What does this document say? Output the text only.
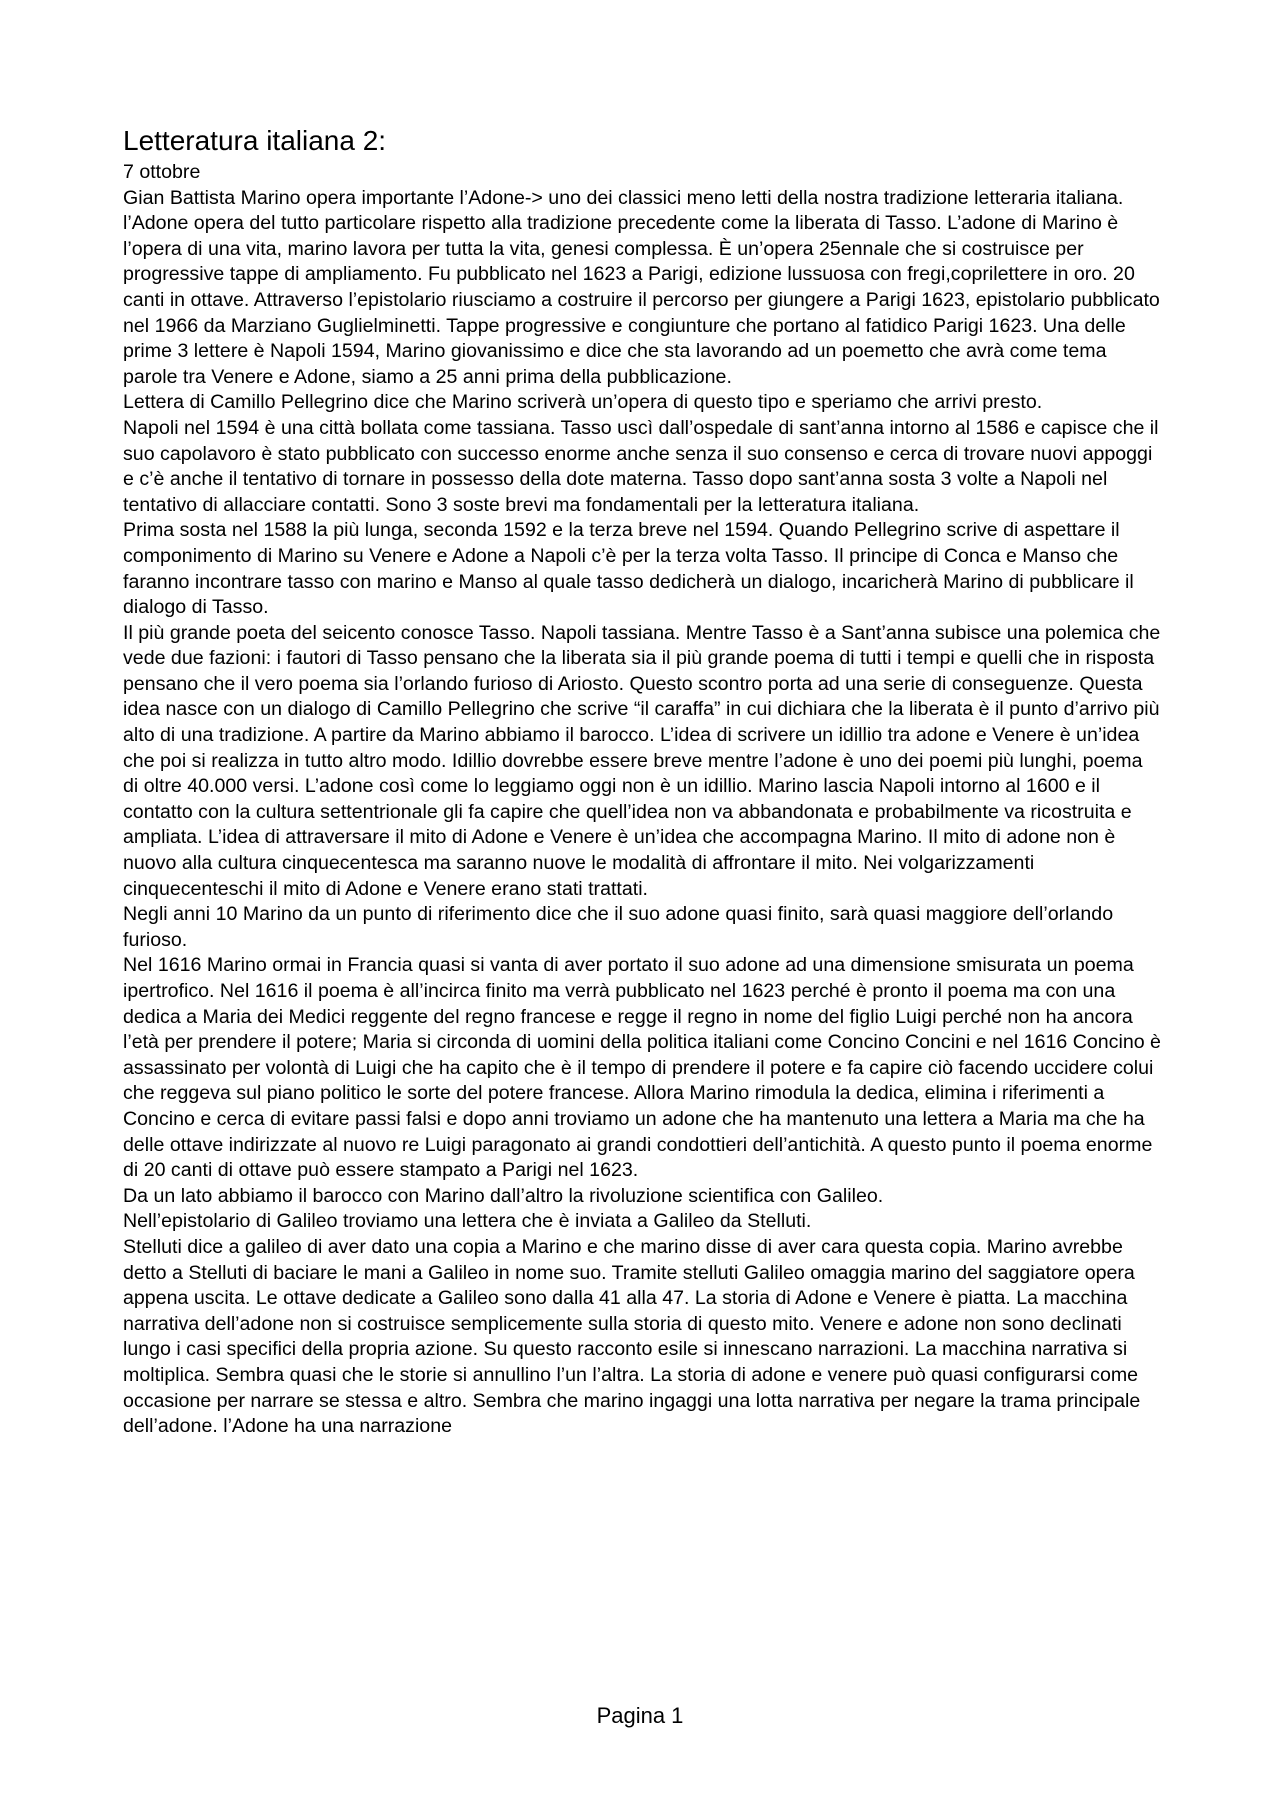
Letteratura italiana 2:

7 ottobre

Gian Battista Marino opera importante l’Adone-> uno dei classici meno letti della nostra tradizione letteraria italiana. l’Adone opera del tutto particolare rispetto alla tradizione precedente come la liberata di Tasso. L’adone di Marino è l’opera di una vita, marino lavora per tutta la vita, genesi complessa. È un’opera 25ennale che si costruisce per progressive tappe di ampliamento. Fu pubblicato nel 1623 a Parigi, edizione lussuosa con fregi,coprilettere in oro. 20 canti in ottave. Attraverso l’epistolario riusciamo a costruire il percorso per giungere a Parigi 1623, epistolario pubblicato nel 1966 da Marziano Guglielminetti. Tappe progressive e congiunture che portano al fatidico Parigi 1623. Una delle prime 3 lettere è Napoli 1594, Marino giovanissimo e dice che sta lavorando ad un poemetto che avrà come tema parole tra Venere e Adone, siamo a 25 anni prima della pubblicazione.

Lettera di Camillo Pellegrino dice che Marino scriverà un’opera di questo tipo e speriamo che arrivi presto.

Napoli nel 1594 è una città bollata come tassiana. Tasso uscì dall’ospedale di sant’anna intorno al 1586 e capisce che il suo capolavoro è stato pubblicato con successo enorme anche senza il suo consenso e cerca di trovare nuovi appoggi e c’è anche il tentativo di tornare in possesso della dote materna. Tasso dopo sant’anna sosta 3 volte a Napoli nel tentativo di allacciare contatti. Sono 3 soste brevi ma fondamentali per la letteratura italiana.

Prima sosta nel 1588 la più lunga, seconda 1592 e la terza breve nel 1594. Quando Pellegrino scrive di aspettare il componimento di Marino su Venere e Adone a Napoli c’è per la terza volta Tasso. Il principe di Conca e Manso che faranno incontrare tasso con marino e Manso al quale tasso dedicherà un dialogo, incaricherà Marino di pubblicare il dialogo di Tasso.

Il più grande poeta del seicento conosce Tasso. Napoli tassiana. Mentre Tasso è a Sant’anna subisce una polemica che vede due fazioni: i fautori di Tasso pensano che la liberata sia il più grande poema di tutti i tempi e quelli che in risposta pensano che il vero poema sia l’orlando furioso di Ariosto. Questo scontro porta ad una serie di conseguenze. Questa idea nasce con un dialogo di Camillo Pellegrino che scrive “il caraffa” in cui dichiara che la liberata è il punto d’arrivo più alto di una tradizione. A partire da Marino abbiamo il barocco. L’idea di scrivere un idillio tra adone e Venere è un’idea che poi si realizza in tutto altro modo. Idillio dovrebbe essere breve mentre l’adone è uno dei poemi più lunghi, poema di oltre 40.000 versi. L’adone così come lo leggiamo oggi non è un idillio. Marino lascia Napoli intorno al 1600 e il contatto con la cultura settentrionale gli fa capire che quell’idea non va abbandonata e probabilmente va ricostruita e ampliata. L’idea di attraversare il mito di Adone e Venere è un’idea che accompagna Marino. Il mito di adone non è nuovo alla cultura cinquecentesca ma saranno nuove le modalità di affrontare il mito. Nei volgarizzamenti cinquecenteschi il mito di Adone e Venere erano stati trattati.

Negli anni 10 Marino da un punto di riferimento dice che il suo adone quasi finito, sarà quasi maggiore dell’orlando furioso.

Nel 1616 Marino ormai in Francia quasi si vanta di aver portato il suo adone ad una dimensione smisurata un poema ipertrofico. Nel 1616 il poema è all’incirca finito ma verrà pubblicato nel 1623 perché è pronto il poema ma con una dedica a Maria dei Medici reggente del regno francese e regge il regno in nome del figlio Luigi perché non ha ancora l’età per prendere il potere; Maria si circonda di uomini della politica italiani come Concino Concini e nel 1616 Concino è assassinato per volontà di Luigi che ha capito che è il tempo di prendere il potere e fa capire ciò facendo uccidere colui che reggeva sul piano politico le sorte del potere francese. Allora Marino rimodula la dedica, elimina i riferimenti a Concino e cerca di evitare passi falsi e dopo anni troviamo un adone che ha mantenuto una lettera a Maria ma che ha delle ottave indirizzate al nuovo re Luigi paragonato ai grandi condottieri dell’antichità. A questo punto il poema enorme di 20 canti di ottave può essere stampato a Parigi nel 1623.

Da un lato abbiamo il barocco con Marino dall’altro la rivoluzione scientifica con Galileo.

Nell’epistolario di Galileo troviamo una lettera che è inviata a Galileo da Stelluti.

Stelluti dice a galileo di aver dato una copia a Marino e che marino disse di aver cara questa copia. Marino avrebbe detto a Stelluti di baciare le mani a Galileo in nome suo. Tramite stelluti Galileo omaggia marino del saggiatore opera appena uscita. Le ottave dedicate a Galileo sono dalla 41 alla 47. La storia di Adone e Venere è piatta. La macchina narrativa dell’adone non si costruisce semplicemente sulla storia di questo mito. Venere e adone non sono declinati lungo i casi specifici della propria azione. Su questo racconto esile si innescano narrazioni. La macchina narrativa si moltiplica. Sembra quasi che le storie si annullino l’un l’altra. La storia di adone e venere può quasi configurarsi come occasione per narrare se stessa e altro. Sembra che marino ingaggi una lotta narrativa per negare la trama principale dell’adone. l’Adone ha una narrazione

Pagina 1
